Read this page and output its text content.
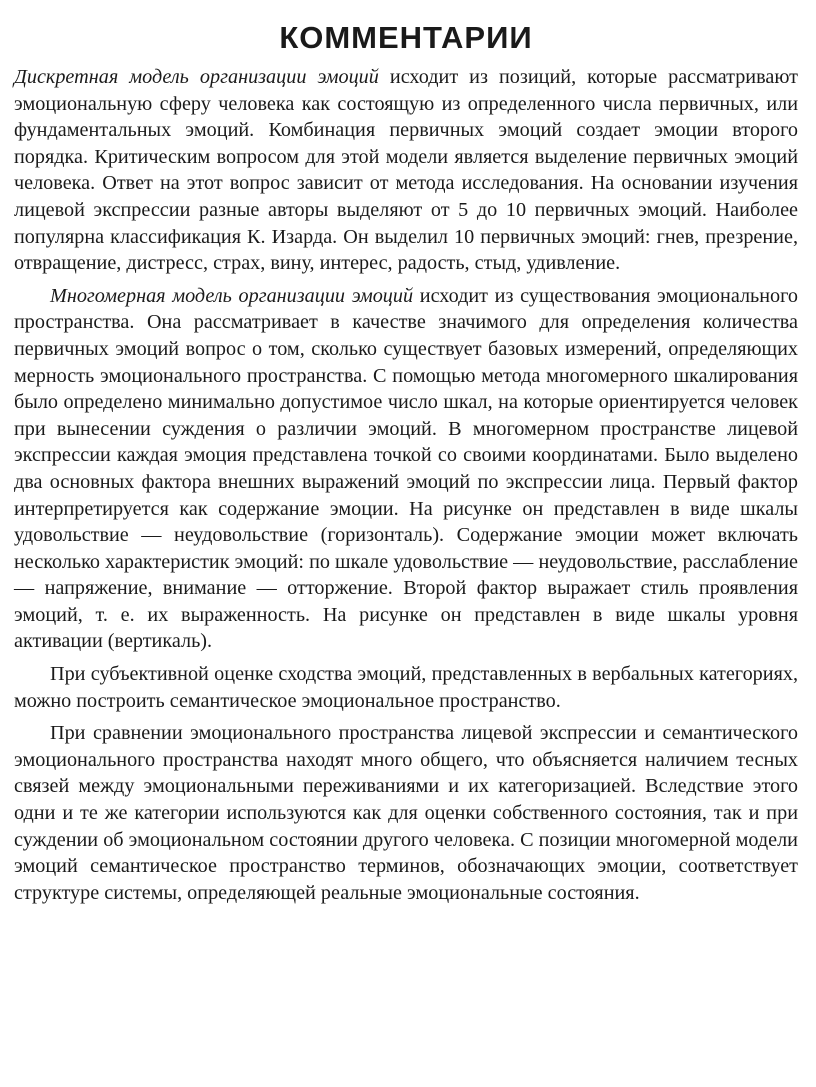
КОММЕНТАРИИ

Дискретная модель организации эмоций исходит из позиций, которые рассматривают эмоциональную сферу человека как состоящую из определенного числа первичных, или фундаментальных эмоций. Комбинация первичных эмоций создает эмоции второго порядка. Критическим вопросом для этой модели является выделение первичных эмоций человека. Ответ на этот вопрос зависит от метода исследования. На основании изучения лицевой экспрессии разные авторы выделяют от 5 до 10 первичных эмоций. Наиболее популярна классификация К. Изарда. Он выделил 10 первичных эмоций: гнев, презрение, отвращение, дистресс, страх, вину, интерес, радость, стыд, удивление.

Многомерная модель организации эмоций исходит из существования эмоционального пространства. Она рассматривает в качестве значимого для определения количества первичных эмоций вопрос о том, сколько существует базовых измерений, определяющих мерность эмоционального пространства. С помощью метода многомерного шкалирования было определено минимально допустимое число шкал, на которые ориентируется человек при вынесении суждения о различии эмоций. В многомерном пространстве лицевой экспрессии каждая эмоция представлена точкой со своими координатами. Было выделено два основных фактора внешних выражений эмоций по экспрессии лица. Первый фактор интерпретируется как содержание эмоции. На рисунке он представлен в виде шкалы удовольствие — неудовольствие (горизонталь). Содержание эмоции может включать несколько характеристик эмоций: по шкале удовольствие — неудовольствие, расслабление — напряжение, внимание — отторжение. Второй фактор выражает стиль проявления эмоций, т. е. их выраженность. На рисунке он представлен в виде шкалы уровня активации (вертикаль).

При субъективной оценке сходства эмоций, представленных в вербальных категориях, можно построить семантическое эмоциональное пространство.

При сравнении эмоционального пространства лицевой экспрессии и семантического эмоционального пространства находят много общего, что объясняется наличием тесных связей между эмоциональными переживаниями и их категоризацией. Вследствие этого одни и те же категории используются как для оценки собственного состояния, так и при суждении об эмоциональном состоянии другого человека. С позиции многомерной модели эмоций семантическое пространство терминов, обозначающих эмоции, соответствует структуре системы, определяющей реальные эмоциональные состояния.
